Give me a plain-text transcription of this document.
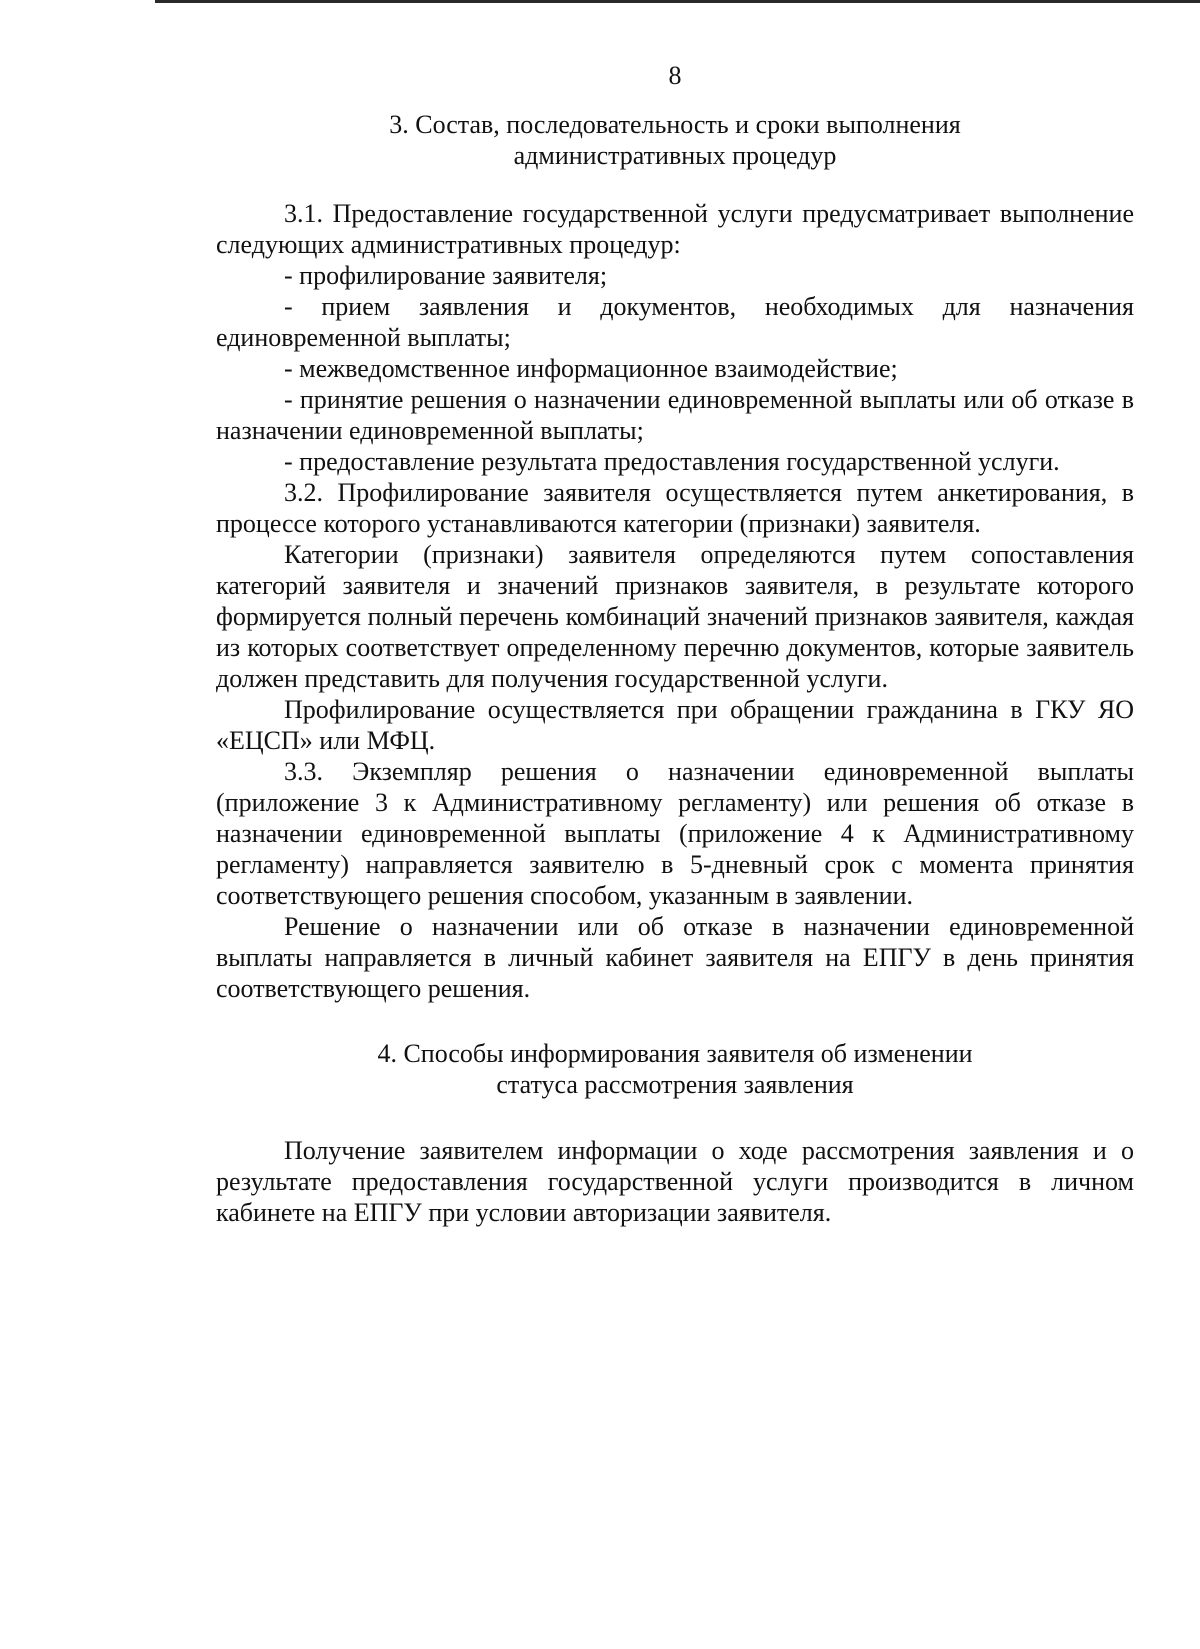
8
3. Состав, последовательность и сроки выполнения
административных процедур

3.1. Предоставление государственной услуги предусматривает выполнение следующих административных процедур:

- профилирование заявителя;

- прием заявления и документов, необходимых для назначения единовременной выплаты;

- межведомственное информационное взаимодействие;

- принятие решения о назначении единовременной выплаты или об отказе в назначении единовременной выплаты;

- предоставление результата предоставления государственной услуги.

3.2. Профилирование заявителя осуществляется путем анкетирования, в процессе которого устанавливаются категории (признаки) заявителя.

Категории (признаки) заявителя определяются путем сопоставления категорий заявителя и значений признаков заявителя, в результате которого формируется полный перечень комбинаций значений признаков заявителя, каждая из которых соответствует определенному перечню документов, которые заявитель должен представить для получения государственной услуги.

Профилирование осуществляется при обращении гражданина в ГКУ ЯО «ЕЦСП» или МФЦ.

3.3. Экземпляр решения о назначении единовременной выплаты (приложение 3 к Административному регламенту) или решения об отказе в назначении единовременной выплаты (приложение 4 к Административному регламенту) направляется заявителю в 5-дневный срок с момента принятия соответствующего решения способом, указанным в заявлении.

Решение о назначении или об отказе в назначении единовременной выплаты направляется в личный кабинет заявителя на ЕПГУ в день принятия соответствующего решения.

4. Способы информирования заявителя об изменении
статуса рассмотрения заявления

Получение заявителем информации о ходе рассмотрения заявления и о результате предоставления государственной услуги производится в личном кабинете на ЕПГУ при условии авторизации заявителя.
